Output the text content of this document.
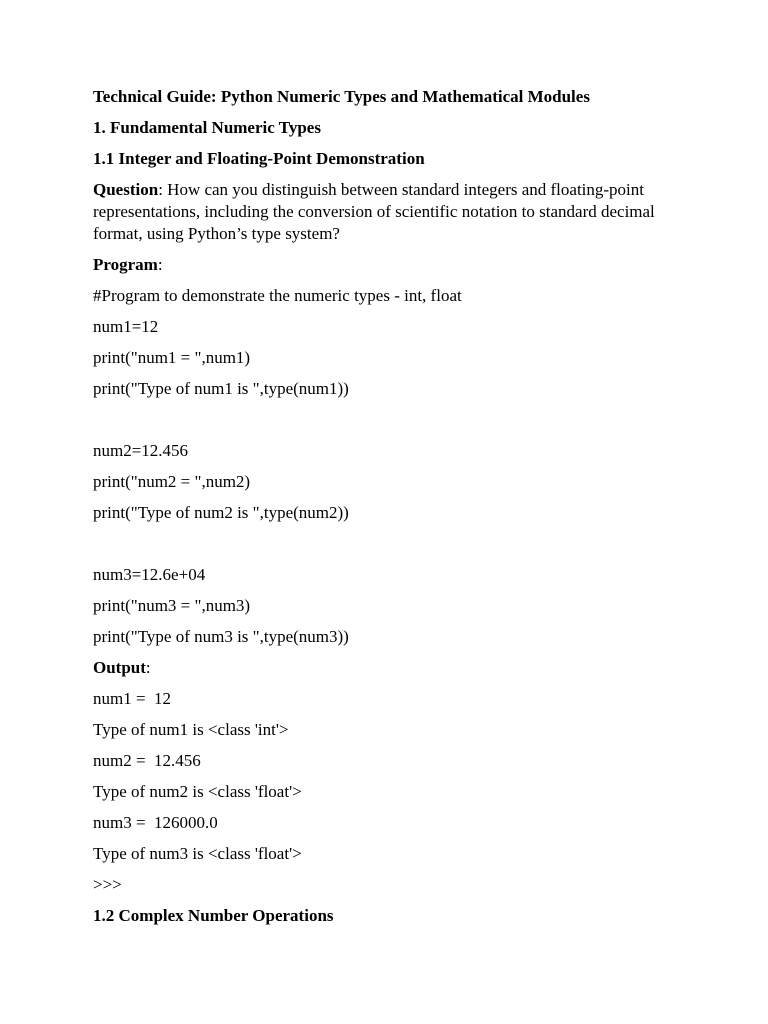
Technical Guide: Python Numeric Types and Mathematical Modules
1. Fundamental Numeric Types
1.1 Integer and Floating-Point Demonstration
Question: How can you distinguish between standard integers and floating-point representations, including the conversion of scientific notation to standard decimal format, using Python’s type system?
Program:
#Program to demonstrate the numeric types - int, float
num1=12
print("num1 = ",num1)
print("Type of num1 is ",type(num1))
num2=12.456
print("num2 = ",num2)
print("Type of num2 is ",type(num2))
num3=12.6e+04
print("num3 = ",num3)
print("Type of num3 is ",type(num3))
Output:
num1 =  12
Type of num1 is <class 'int'>
num2 =  12.456
Type of num2 is <class 'float'>
num3 =  126000.0
Type of num3 is <class 'float'>
>>>
1.2 Complex Number Operations
